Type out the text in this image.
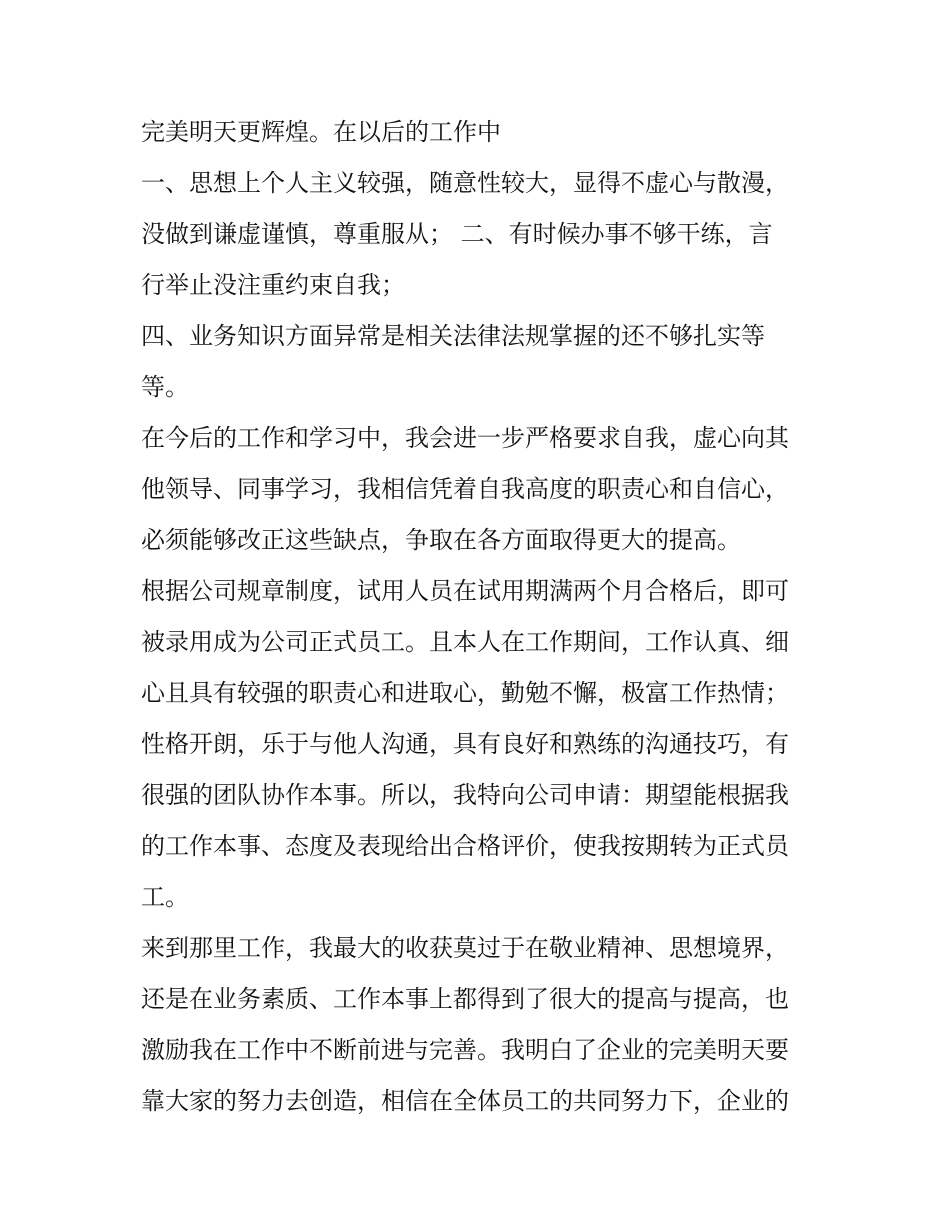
完美明天更辉煌。在以后的工作中
一、思想上个人主义较强，随意性较大，显得不虚心与散漫，
没做到谦虚谨慎，尊重服从； 二、有时候办事不够干练，言
行举止没注重约束自我；
四、业务知识方面异常是相关法律法规掌握的还不够扎实等
等。
在今后的工作和学习中，我会进一步严格要求自我，虚心向其
他领导、同事学习，我相信凭着自我高度的职责心和自信心，
必须能够改正这些缺点，争取在各方面取得更大的提高。
根据公司规章制度，试用人员在试用期满两个月合格后，即可
被录用成为公司正式员工。且本人在工作期间，工作认真、细
心且具有较强的职责心和进取心，勤勉不懈，极富工作热情；
性格开朗，乐于与他人沟通，具有良好和熟练的沟通技巧，有
很强的团队协作本事。所以，我特向公司申请：期望能根据我
的工作本事、态度及表现给出合格评价，使我按期转为正式员
工。
来到那里工作，我最大的收获莫过于在敬业精神、思想境界，
还是在业务素质、工作本事上都得到了很大的提高与提高，也
激励我在工作中不断前进与完善。我明白了企业的完美明天要
靠大家的努力去创造，相信在全体员工的共同努力下，企业的
